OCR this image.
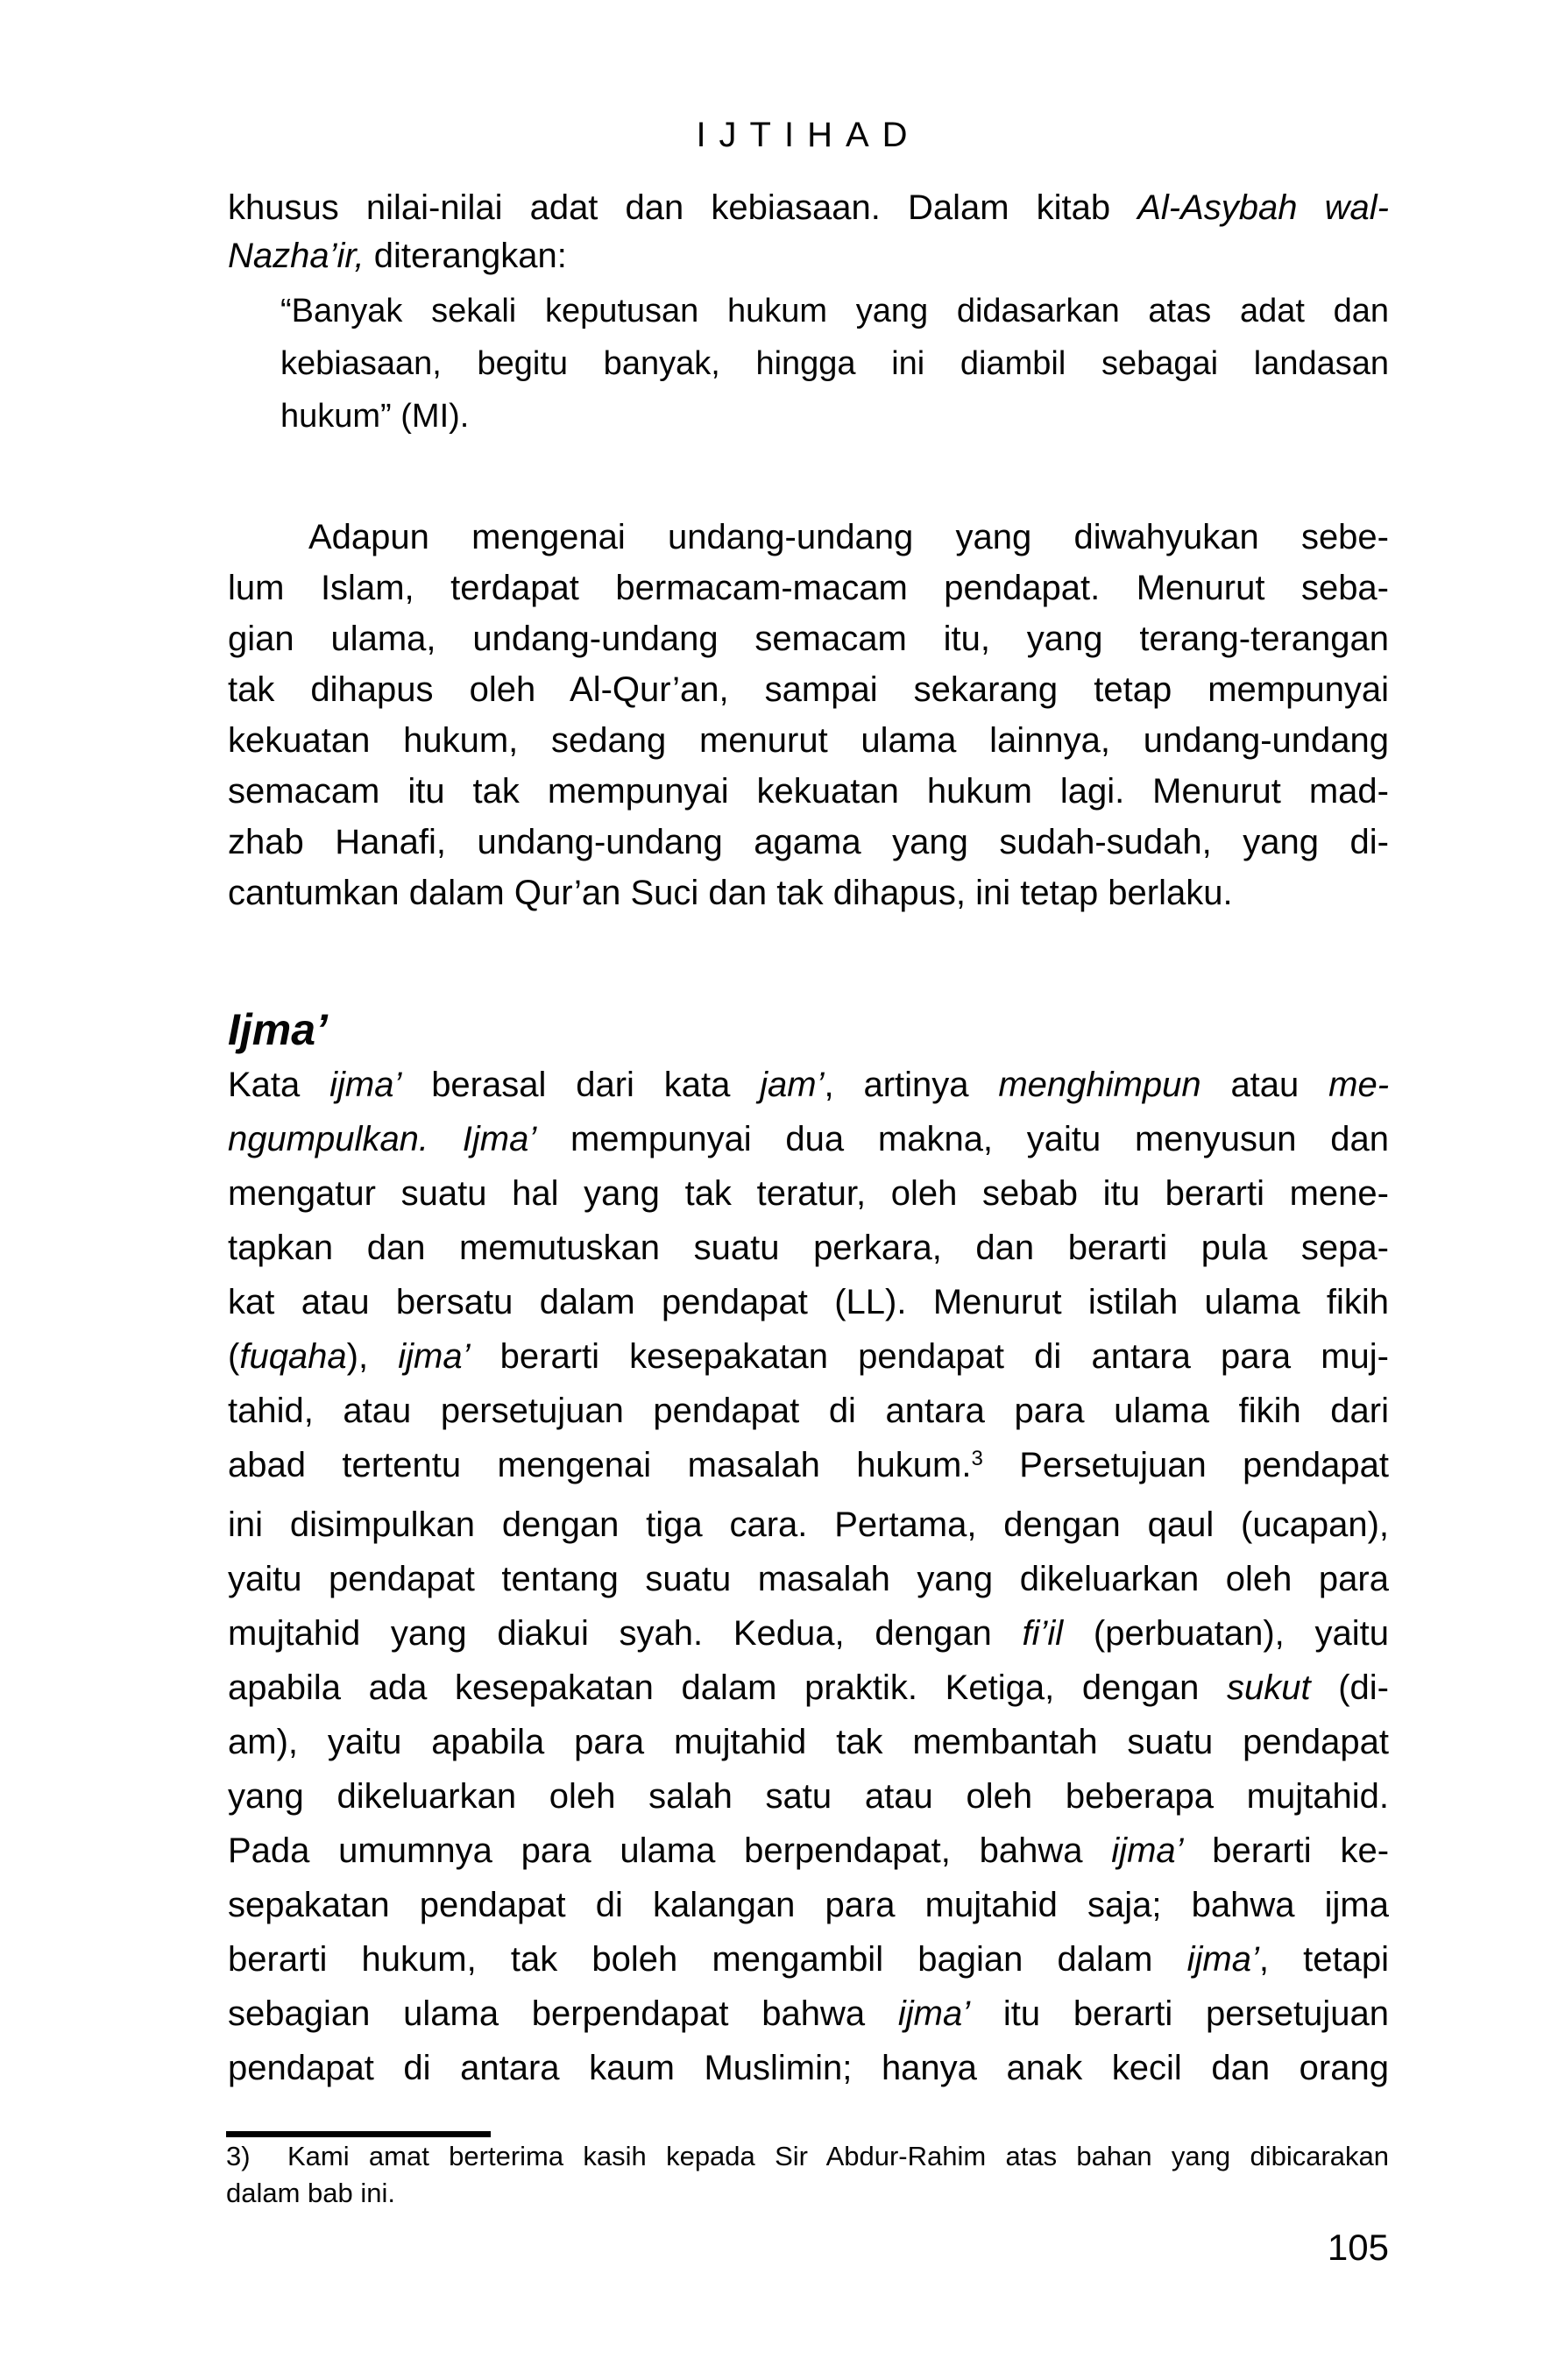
IJTIHAD
khusus nilai-nilai adat dan kebiasaan. Dalam kitab Al-Asybah wal-
Nazha’ir, diterangkan:
“Banyak sekali keputusan hukum yang didasarkan atas adat dan
kebiasaan, begitu banyak, hingga ini diambil sebagai landasan
hukum” (MI).
Adapun mengenai undang-undang yang diwahyukan sebe-
lum Islam, terdapat bermacam-macam pendapat. Menurut seba-
gian ulama, undang-undang semacam itu, yang terang-terangan
tak dihapus oleh Al-Qur’an, sampai sekarang tetap mempunyai
kekuatan hukum, sedang menurut ulama lainnya, undang-undang
semacam itu tak mempunyai kekuatan hukum lagi. Menurut mad-
zhab Hanafi, undang-undang agama yang sudah-sudah, yang di-
cantumkan dalam Qur’an Suci dan tak dihapus, ini tetap berlaku.
Ijma’
Kata ijma’ berasal dari kata jam’, artinya menghimpun atau me-
ngumpulkan. Ijma’ mempunyai dua makna, yaitu menyusun dan
mengatur suatu hal yang tak teratur, oleh sebab itu berarti mene-
tapkan dan memutuskan suatu perkara, dan berarti pula sepa-
kat atau bersatu dalam pendapat (LL). Menurut istilah ulama fikih
(fuqaha), ijma’ berarti kesepakatan pendapat di antara para muj-
tahid, atau persetujuan pendapat di antara para ulama fikih dari
abad tertentu mengenai masalah hukum.$^3$ Persetujuan pendapat
ini disimpulkan dengan tiga cara. Pertama, dengan qaul (ucapan),
yaitu pendapat tentang suatu masalah yang dikeluarkan oleh para
mujtahid yang diakui syah. Kedua, dengan fi’il (perbuatan), yaitu
apabila ada kesepakatan dalam praktik. Ketiga, dengan sukut (di-
am), yaitu apabila para mujtahid tak membantah suatu pendapat
yang dikeluarkan oleh salah satu atau oleh beberapa mujtahid.
Pada umumnya para ulama berpendapat, bahwa ijma’ berarti ke-
sepakatan pendapat di kalangan para mujtahid saja; bahwa ijma
berarti hukum, tak boleh mengambil bagian dalam ijma’, tetapi
sebagian ulama berpendapat bahwa ijma’ itu berarti persetujuan
pendapat di antara kaum Muslimin; hanya anak kecil dan orang
3) Kami amat berterima kasih kepada Sir Abdur-Rahim atas bahan yang dibicarakan
dalam bab ini.
105
